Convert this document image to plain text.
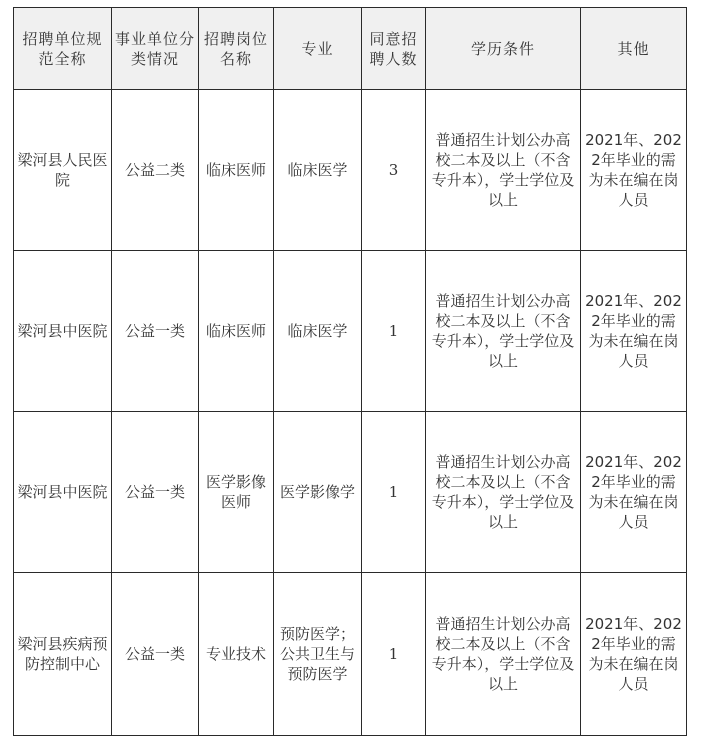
招聘单位规范全称	事业单位分类情况	招聘岗位名称	专业	同意招聘人数	学历条件	其他
梁河县人民医院	公益二类	临床医师	临床医学	3	普通招生计划公办高校二本及以上（不含专升本），学士学位及以上	2021年、2022年毕业的需为未在编在岗人员
梁河县中医院	公益一类	临床医师	临床医学	1	普通招生计划公办高校二本及以上（不含专升本），学士学位及以上	2021年、2022年毕业的需为未在编在岗人员
梁河县中医院	公益一类	医学影像医师	医学影像学	1	普通招生计划公办高校二本及以上（不含专升本），学士学位及以上	2021年、2022年毕业的需为未在编在岗人员
梁河县疾病预防控制中心	公益一类	专业技术	预防医学；公共卫生与预防医学	1	普通招生计划公办高校二本及以上（不含专升本），学士学位及以上	2021年、2022年毕业的需为未在编在岗人员
